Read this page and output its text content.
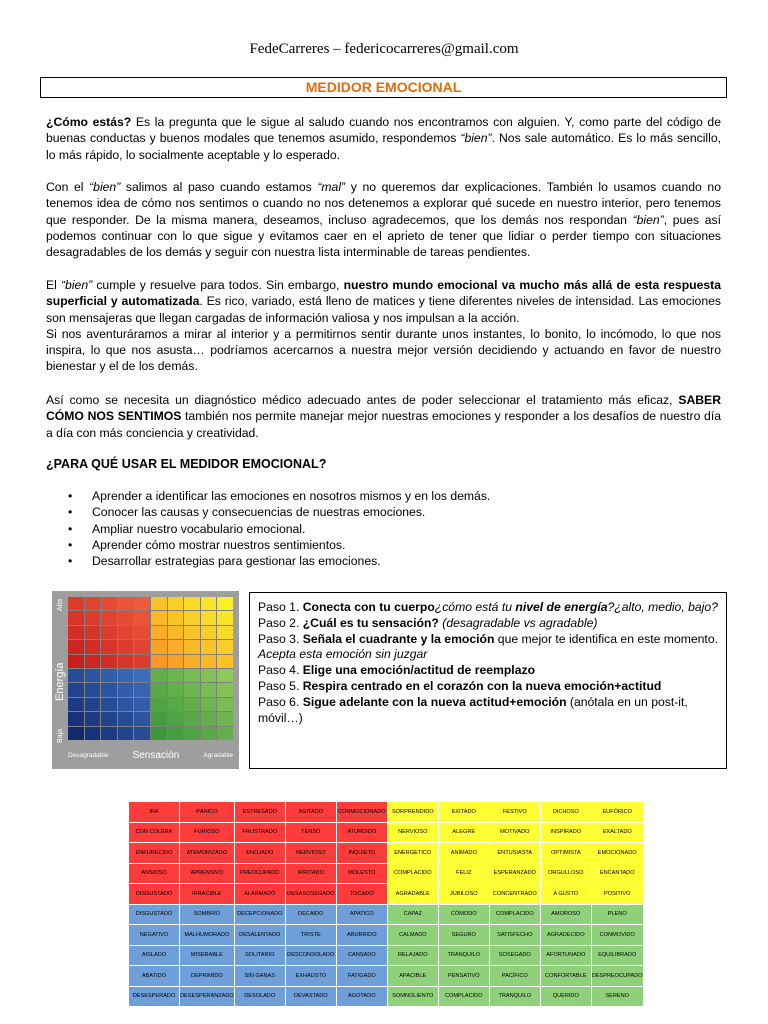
FedeCarreres – federicocarreres@gmail.com
MEDIDOR EMOCIONAL
¿Cómo estás? Es la pregunta que le sigue al saludo cuando nos encontramos con alguien. Y, como parte del código de buenas conductas y buenos modales que tenemos asumido, respondemos “bien”. Nos sale automático. Es lo más sencillo, lo más rápido, lo socialmente aceptable y lo esperado.
Con el “bien” salimos al paso cuando estamos “mal” y no queremos dar explicaciones. También lo usamos cuando no tenemos idea de cómo nos sentimos o cuando no nos detenemos a explorar qué sucede en nuestro interior, pero tenemos que responder. De la misma manera, deseamos, incluso agradecemos, que los demás nos respondan “bien”, pues así podemos continuar con lo que sigue y evitamos caer en el aprieto de tener que lidiar o perder tiempo con situaciones desagradables de los demás y seguir con nuestra lista interminable de tareas pendientes.
El “bien” cumple y resuelve para todos. Sin embargo, nuestro mundo emocional va mucho más allá de esta respuesta superficial y automatizada. Es rico, variado, está lleno de matices y tiene diferentes niveles de intensidad. Las emociones son mensajeras que llegan cargadas de información valiosa y nos impulsan a la acción.
Si nos aventuráramos a mirar al interior y a permitirnos sentir durante unos instantes, lo bonito, lo incómodo, lo que nos inspira, lo que nos asusta… podríamos acercarnos a nuestra mejor versión decidiendo y actuando en favor de nuestro bienestar y el de los demás.
Así como se necesita un diagnóstico médico adecuado antes de poder seleccionar el tratamiento más eficaz, SABER CÓMO NOS SENTIMOS también nos permite manejar mejor nuestras emociones y responder a los desafíos de nuestro día a día con más conciencia y creatividad.
¿PARA QUÉ USAR EL MEDIDOR EMOCIONAL?
• Aprender a identificar las emociones en nosotros mismos y en los demás.
• Conocer las causas y consecuencias de nuestras emociones.
• Ampliar nuestro vocabulario emocional.
• Aprender cómo mostrar nuestros sentimientos.
• Desarrollar estrategias para gestionar las emociones.
Alta
Energía
Baja
Desagradable Sensación	Agradable

Paso 1. Conecta con tu cuerpo¿cómo está tu nivel de energía?¿alto, medio, bajo?

Paso 2. ¿Cuál es tu sensación? (desagradable vs agradable)

Paso 3. Señala el cuadrante y la emoción que mejor te identifica en este momento. Acepta esta emoción sin juzgar

Paso 4. Elige una emoción/actitud de reemplazo

Paso 5. Respira centrado en el corazón con la nueva emoción+actitud

Paso 6. Sigue adelante con la nueva actitud+emoción (anótala en un post-it, móvil…)

IRA	PÁNICO	ESTRESADO	AGITADO	CONMOCIONADO	SORPRENDIDO	EXITADO	FESTIVO	DICHOSO	EUFÓRICO
CON COLERA	FURIOSO	FRUSTRADO	TENSO	ATURDIDO	NERVIOSO	ALEGRE	MOTIVADO	INSPIRADO	EXALTADO
ENFURECIDO	ATEMORIZADO	ENOJADO	NERVIOSO	INQUIETO	ENERGETICO	ANIMADO	ENTUSIASTA	OPTIMISTA	EMOCIONADO
ANSIOSO	APRENSIVO	PREOCUPADO	IRRITADO	MOLESTO	COMPLACIDO	FELIZ	ESPERANZADO	ORGULLOSO	ENCANTADO
DISGUSTADO	IRRACIBLE	ALARMADO	DESASOSEGADO	TOCADO	AGRADABLE	JUBILOSO	CONCENTRADO	A GUSTO	POSITIVO
DISGUSTADO	SOMBRÍO	DECEPCIONADO	DECAIDO	APATICO	CAPAZ	CÓMODO	COMPLACIDO	AMOROSO	PLENO
NEGATIVO	MALHUMORADO	DESALENTADO	TRISTE	ABURRIDO	CALMADO	SEGURO	SATISFECHO	AGRADECIDO	CONMOVIDO
AISLADO	MISERABLE	SOLITARIO	DESCONSOLADO	CANSADO	RELAJADO	TRANQUILO	SOSEGADO	AFORTUNADO	EQUILIBRADO
ABATIDO	DEPRIMIDO	SIN GANAS	EXHAUSTO	FATIGADO	APACIBLE	PENSATIVO	PACÍFICO	CONFORTABLE	DESPREOCUPADO
DESESPERADO	DESESPERANZADO	DESOLADO	DEVASTADO	AGOTADO	SOMNOLIENTO	COMPLACIDO	TRANQUILO	QUERIDO	SERENO
